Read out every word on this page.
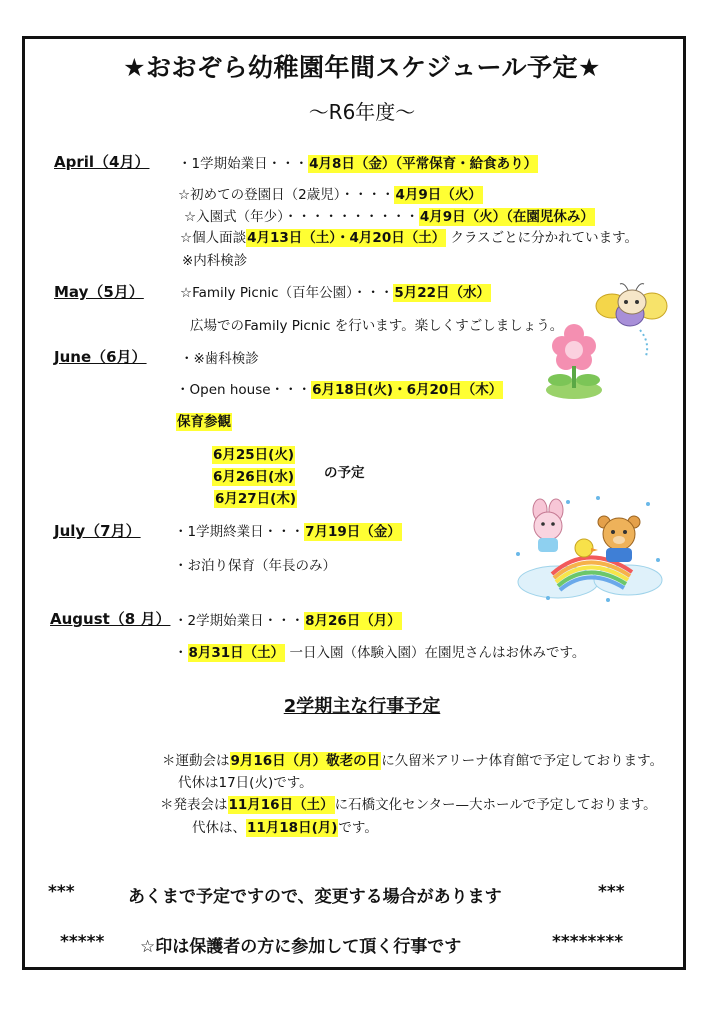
★おおぞら幼稚園年間スケジュール予定★
～R6年度～
April（4月） ・1学期始業日・・・4月8日（金）（平常保育・給食あり）
☆初めての登園日（2歳児）・・・・4月9日（火）
☆入園式（年少）・・・・・・・・・・4月9日（火）（在園児休み）
☆個人面談4月13日（土）・4月20日（土） クラスごとに分かれています。
※内科検診
May（5月）	☆Family Picnic（百年公園）・・・5月22日（水）
広場でのFamily Picnic を行います。楽しくすごしましょう。
June（6月） ・※歯科検診
・Open house・・・6月18日(火)・6月20日（木）
保育参観
6月25日(火)
6月26日(水)
6月27日(木)
の予定
July（7月） ・1学期終業日・・・7月19日（金）
・お泊り保育（年長のみ）
August（8 月） ・2学期始業日・・・8月26日（月）
・8月31日（土） 一日入園（体験入園）在園児さんはお休みです。
2学期主な行事予定
＊運動会は9月16日（月）敬老の日に久留米アリーナ体育館で予定しております。
代休は17日(火)です。
＊発表会は11月16日（土）に石橋文化センター—大ホールで予定しております。
代休は、11月18日(月)です。
***	あくまで予定ですので、変更する場合があります	***
***** ☆印は保護者の方に参加して頂く行事です	********
